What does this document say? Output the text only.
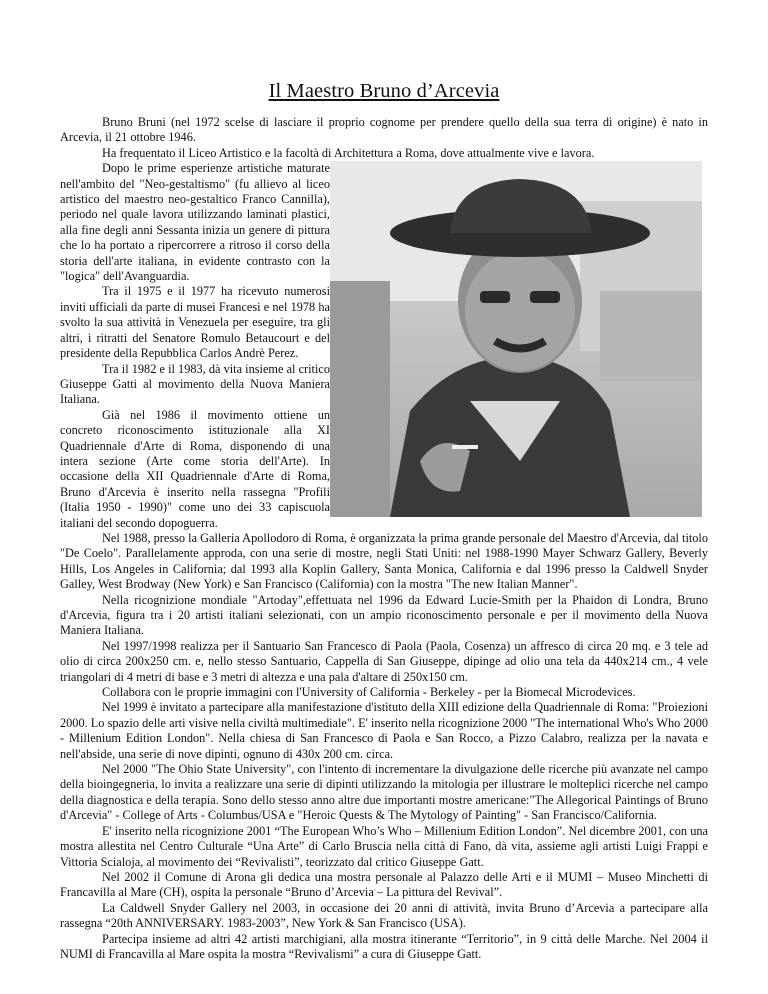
Il Maestro Bruno d’Arcevia

Bruno Bruni (nel 1972 scelse di lasciare il proprio cognome per prendere quello della sua terra di origine) è nato in Arcevia, il 21 ottobre 1946.

Ha frequentato il Liceo Artistico e la facoltà di Architettura a Roma, dove attualmente vive e lavora.

Dopo le prime esperienze artistiche maturate nell'ambito del "Neo-gestaltismo" (fu allievo al liceo artistico del maestro neo-gestaltico Franco Cannilla), periodo nel quale lavora utilizzando laminati plastici, alla fine degli anni Sessanta inizia un genere di pittura che lo ha portato a ripercorrere a ritroso il corso della storia dell'arte italiana, in evidente contrasto con la "logica" dell'Avanguardia.

Tra il 1975 e il 1977 ha ricevuto numerosi inviti ufficiali da parte di musei Francesi e nel 1978 ha svolto la sua attività in Venezuela per eseguire, tra gli altri, i ritratti del Senatore Romulo Betaucourt e del presidente della Repubblica Carlos Andrè Perez.

Tra il 1982 e il 1983, dà vita insieme al critico Giuseppe Gatti al movimento della Nuova Maniera Italiana.

Già nel 1986 il movimento ottiene un concreto riconoscimento istituzionale alla XI Quadriennale d'Arte di Roma, disponendo di una intera sezione (Arte come storia dell'Arte). In occasione della XII Quadriennale d'Arte di Roma, Bruno d'Arcevia è inserito nella rassegna "Profili (Italia 1950 - 1990)" come uno dei 33 capiscuola italiani del secondo dopoguerra.

Nel 1988, presso la Galleria Apollodoro di Roma, è organizzata la prima grande personale del Maestro d'Arcevia, dal titolo "De Coelo". Parallelamente approda, con una serie di mostre, negli Stati Uniti: nel 1988-1990 Mayer Schwarz Gallery, Beverly Hills, Los Angeles in California; dal 1993 alla Koplin Gallery, Santa Monica, California e dal 1996 presso la Caldwell Snyder Galley, West Brodway (New York) e San Francisco (California) con la mostra "The new Italian Manner".

Nella ricognizione mondiale "Artoday",effettuata nel 1996 da Edward Lucie-Smith per la Phaidon di Londra, Bruno d'Arcevia, figura tra i 20 artisti italiani selezionati, con un ampio riconoscimento personale e per il movimento della Nuova Maniera Italiana.

Nel 1997/1998 realizza per il Santuario San Francesco di Paola (Paola, Cosenza) un affresco di circa 20 mq. e 3 tele ad olio di circa 200x250 cm. e, nello stesso Santuario, Cappella di San Giuseppe, dipinge ad olio una tela da 440x214 cm., 4 vele triangolari di 4 metri di base e 3 metri di altezza e una pala d'altare di 250x150 cm.

Collabora con le proprie immagini con l'University of California - Berkeley - per la Biomecal Microdevices.

Nel 1999 è invitato a partecipare alla manifestazione d'istituto della XIII edizione della Quadriennale di Roma: "Proiezioni 2000. Lo spazio delle arti visive nella civiltà multimediale". E' inserito nella ricognizione 2000 "The international Who's Who 2000 - Millenium Edition London". Nella chiesa di San Francesco di Paola e San Rocco, a Pizzo Calabro, realizza per la navata e nell'abside, una serie di nove dipinti, ognuno di 430x 200 cm. circa.

Nel 2000 "The Ohio State University", con l'intento di incrementare la divulgazione delle ricerche più avanzate nel campo della bioingegneria, lo invita a realizzare una serie di dipinti utilizzando la mitologia per illustrare le molteplici ricerche nel campo della diagnostica e della terapia. Sono dello stesso anno altre due importanti mostre americane:"The Allegorical Paintings of Bruno d'Arcevia" - College of Arts - Columbus/USA e "Heroic Quests & The Mytology of Painting" - San Francisco/California.

E' inserito nella ricognizione 2001 “The European Who’s Who – Millenium Edition London”. Nel dicembre 2001, con una mostra allestita nel Centro Culturale “Una Arte” di Carlo Bruscia nella città di Fano, dà vita, assieme agli artisti Luigi Frappi e Vittoria Scialoja, al movimento dei “Revivalisti”, teorizzato dal critico Giuseppe Gatt.

Nel 2002 il Comune di Arona gli dedica una mostra personale al Palazzo delle Arti e il MUMI – Museo Minchetti di Francavilla al Mare (CH), ospita la personale “Bruno d’Arcevia – La pittura del Revival”.

La Caldwell Snyder Gallery nel 2003, in occasione dei 20 anni di attività, invita Bruno d’Arcevia a partecipare alla rassegna “20th ANNIVERSARY. 1983-2003”, New York & San Francisco (USA).

Partecipa insieme ad altri 42 artisti marchigiani, alla mostra itinerante “Territorio”, in 9 città delle Marche. Nel 2004 il NUMI di Francavilla al Mare ospita la mostra “Revivalismi” a cura di Giuseppe Gatt.
